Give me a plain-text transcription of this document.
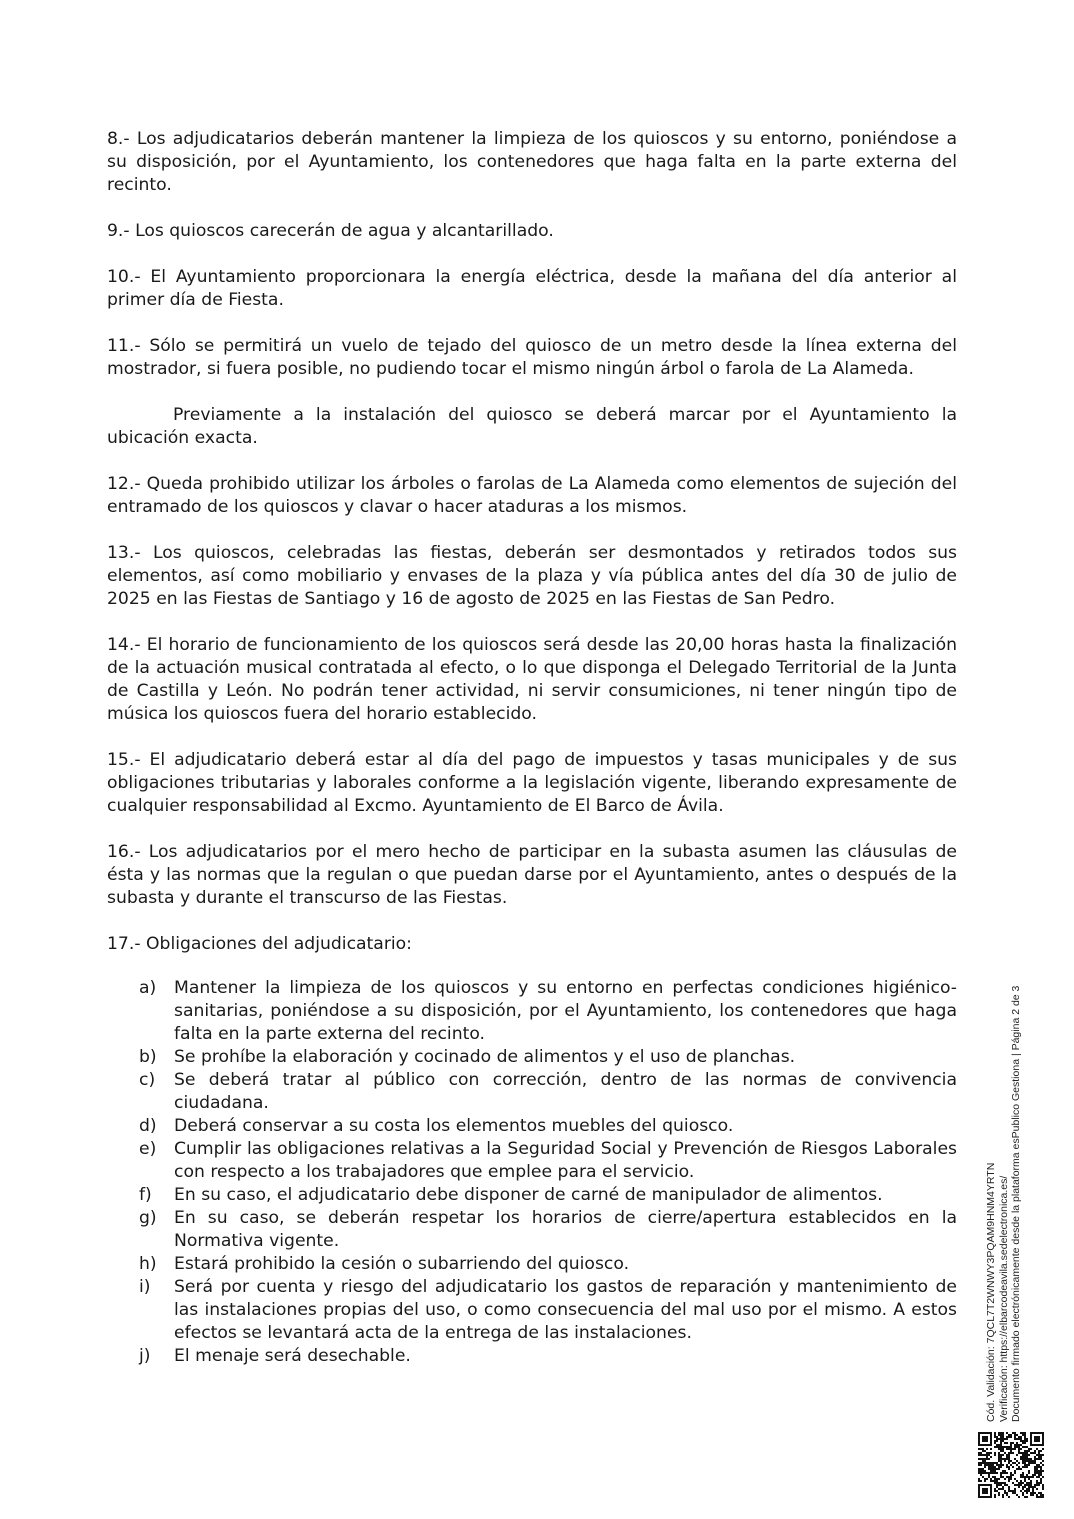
8.- Los adjudicatarios deberán mantener la limpieza de los quioscos y su entorno, poniéndose a su disposición, por el Ayuntamiento, los contenedores que haga falta en la parte externa del recinto.

9.- Los quioscos carecerán de agua y alcantarillado.

10.- El Ayuntamiento proporcionara la energía eléctrica, desde la mañana del día anterior al primer día de Fiesta.

11.- Sólo se permitirá un vuelo de tejado del quiosco de un metro desde la línea externa del mostrador, si fuera posible, no pudiendo tocar el mismo ningún árbol o farola de La Alameda.

Previamente a la instalación del quiosco se deberá marcar por el Ayuntamiento la ubicación exacta.

12.- Queda prohibido utilizar los árboles o farolas de La Alameda como elementos de sujeción del entramado de los quioscos y clavar o hacer ataduras a los mismos.

13.- Los quioscos, celebradas las fiestas, deberán ser desmontados y retirados todos sus elementos, así como mobiliario y envases de la plaza y vía pública antes del día 30 de julio de 2025 en las Fiestas de Santiago y 16 de agosto de 2025 en las Fiestas de San Pedro.

14.- El horario de funcionamiento de los quioscos será desde las 20,00 horas hasta la finalización de la actuación musical contratada al efecto, o lo que disponga el Delegado Territorial de la Junta de Castilla y León. No podrán tener actividad, ni servir consumiciones, ni tener ningún tipo de música los quioscos fuera del horario establecido.

15.- El adjudicatario deberá estar al día del pago de impuestos y tasas municipales y de sus obligaciones tributarias y laborales conforme a la legislación vigente, liberando expresamente de cualquier responsabilidad al Excmo. Ayuntamiento de El Barco de Ávila.

16.- Los adjudicatarios por el mero hecho de participar en la subasta asumen las cláusulas de ésta y las normas que la regulan o que puedan darse por el Ayuntamiento, antes o después de la subasta y durante el transcurso de las Fiestas.

17.- Obligaciones del adjudicatario:

a)	Mantener la limpieza de los quioscos y su entorno en perfectas condiciones higiénico-sanitarias, poniéndose a su disposición, por el Ayuntamiento, los contenedores que haga falta en la parte externa del recinto.
b)	Se prohíbe la elaboración y cocinado de alimentos y el uso de planchas.
c)	Se deberá tratar al público con corrección, dentro de las normas de convivencia ciudadana.
d)	Deberá conservar a su costa los elementos muebles del quiosco.
e)	Cumplir las obligaciones relativas a la Seguridad Social y Prevención de Riesgos Laborales con respecto a los trabajadores que emplee para el servicio.
f)	En su caso, el adjudicatario debe disponer de carné de manipulador de alimentos.
g)	En su caso, se deberán respetar los horarios de cierre/apertura establecidos en la Normativa vigente.
h)	Estará prohibido la cesión o subarriendo del quiosco.
i)	Será por cuenta y riesgo del adjudicatario los gastos de reparación y mantenimiento de las instalaciones propias del uso, o como consecuencia del mal uso por el mismo. A estos efectos se levantará acta de la entrega de las instalaciones.
j)	El menaje será desechable.	Cód. Validación: 7QCL7T2WNWY3PQAM9HNM4YRTN Verificación: https://elbarcodeavila.sedelectronica.es/ Documento firmado electrónicamente desde la plataforma esPublico Gestiona | Página 2 de 3
